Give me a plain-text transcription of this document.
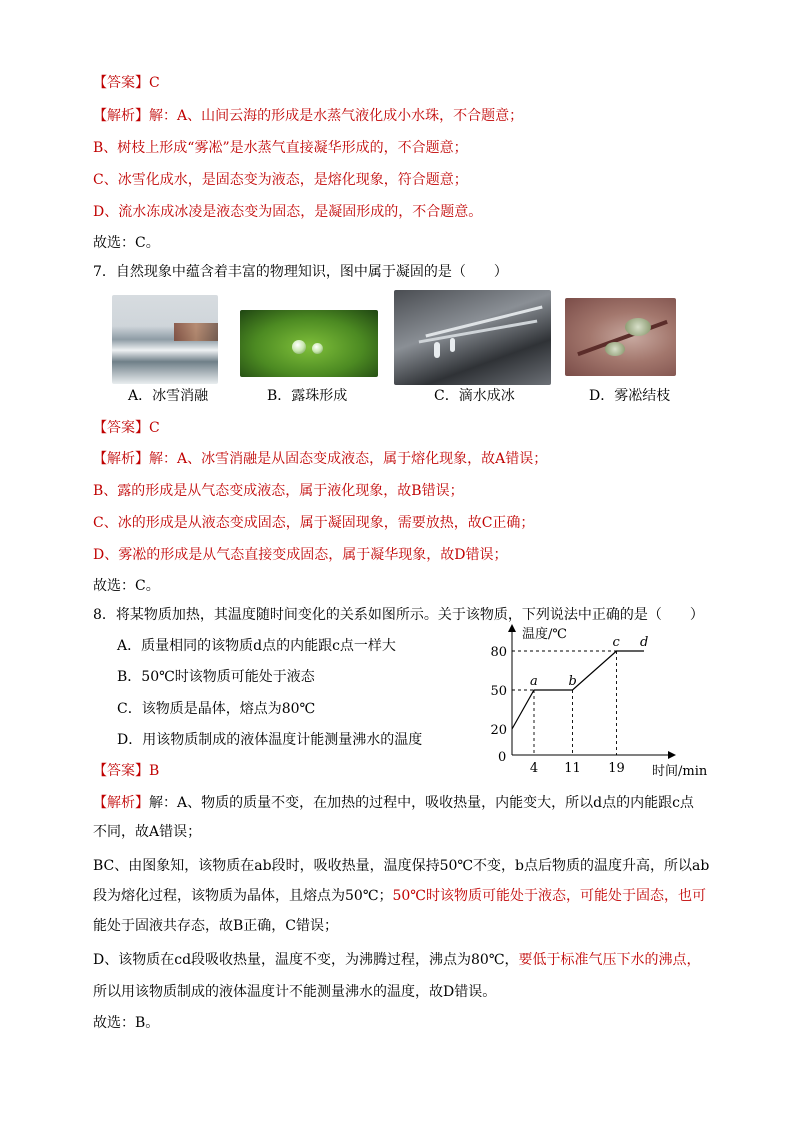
【答案】C
【解析】解：A、山间云海的形成是水蒸气液化成小水珠，不合题意；
B、树枝上形成“雾凇”是水蒸气直接凝华形成的，不合题意；
C、冰雪化成水，是固态变为液态，是熔化现象，符合题意；
D、流水冻成冰凌是液态变为固态，是凝固形成的，不合题意。
故选：C。
7．自然现象中蕴含着丰富的物理知识，图中属于凝固的是（　　）
A．冰雪消融	B．露珠形成	C．滴水成冰	D．雾凇结枝
【答案】C
【解析】解：A、冰雪消融是从固态变成液态，属于熔化现象，故A错误；
B、露的形成是从气态变成液态，属于液化现象，故B错误；
C、冰的形成是从液态变成固态，属于凝固现象，需要放热，故C正确；
D、雾凇的形成是从气态直接变成固态，属于凝华现象，故D错误；
故选：C。
8．将某物质加热，其温度随时间变化的关系如图所示。关于该物质，下列说法中正确的是（　　）
A．质量相同的该物质d点的内能跟c点一样大
B．50℃时该物质可能处于液态
C．该物质是晶体，熔点为80℃
D．用该物质制成的液体温度计能测量沸水的温度
温度/℃
时间/min
a b
c d
0
4 11 19
20
50
80
【答案】B
【解析】解：A、物质的质量不变，在加热的过程中，吸收热量，内能变大，所以d点的内能跟c点
不同，故A错误；
BC、由图象知，该物质在ab段时，吸收热量，温度保持50℃不变，b点后物质的温度升高，所以ab
段为熔化过程，该物质为晶体，且熔点为50℃；50℃时该物质可能处于液态，可能处于固态，也可
能处于固液共存态，故B正确，C错误；
D、该物质在cd段吸收热量，温度不变，为沸腾过程，沸点为80℃，要低于标准气压下水的沸点，
所以用该物质制成的液体温度计不能测量沸水的温度，故D错误。
故选：B。
